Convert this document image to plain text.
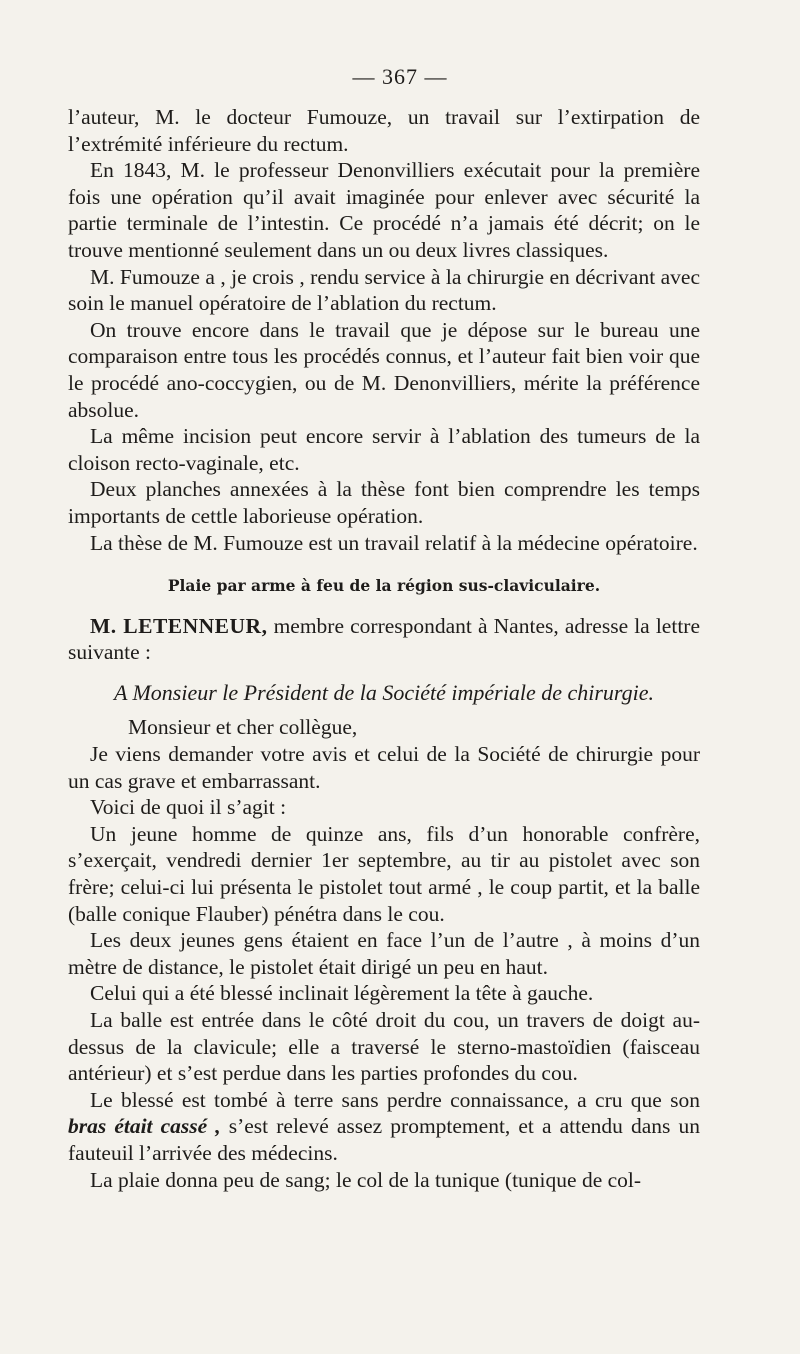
— 367 —

l’auteur, M. le docteur Fumouze, un travail sur l’extirpation de l’extrémité inférieure du rectum.

En 1843, M. le professeur Denonvilliers exécutait pour la première fois une opération qu’il avait imaginée pour enlever avec sécurité la partie terminale de l’intestin. Ce procédé n’a jamais été décrit; on le trouve mentionné seulement dans un ou deux livres classiques.

M. Fumouze a , je crois , rendu service à la chirurgie en décrivant avec soin le manuel opératoire de l’ablation du rectum.

On trouve encore dans le travail que je dépose sur le bureau une comparaison entre tous les procédés connus, et l’auteur fait bien voir que le procédé ano-coccygien, ou de M. Denonvilliers, mérite la préférence absolue.

La même incision peut encore servir à l’ablation des tumeurs de la cloison recto-vaginale, etc.

Deux planches annexées à la thèse font bien comprendre les temps importants de cettle laborieuse opération.

La thèse de M. Fumouze est un travail relatif à la médecine opératoire.

Plaie par arme à feu de la région sus-claviculaire.

M. LETENNEUR, membre correspondant à Nantes, adresse la lettre suivante :

A Monsieur le Président de la Société impériale de chirurgie.

Monsieur et cher collègue,

Je viens demander votre avis et celui de la Société de chirurgie pour un cas grave et embarrassant.

Voici de quoi il s’agit :

Un jeune homme de quinze ans, fils d’un honorable confrère, s’exerçait, vendredi dernier 1er septembre, au tir au pistolet avec son frère; celui-ci lui présenta le pistolet tout armé , le coup partit, et la balle (balle conique Flauber) pénétra dans le cou.

Les deux jeunes gens étaient en face l’un de l’autre , à moins d’un mètre de distance, le pistolet était dirigé un peu en haut.

Celui qui a été blessé inclinait légèrement la tête à gauche.

La balle est entrée dans le côté droit du cou, un travers de doigt au-dessus de la clavicule; elle a traversé le sterno-mastoïdien (faisceau antérieur) et s’est perdue dans les parties profondes du cou.

Le blessé est tombé à terre sans perdre connaissance, a cru que son bras était cassé , s’est relevé assez promptement, et a attendu dans un fauteuil l’arrivée des médecins.

La plaie donna peu de sang; le col de la tunique (tunique de col-
